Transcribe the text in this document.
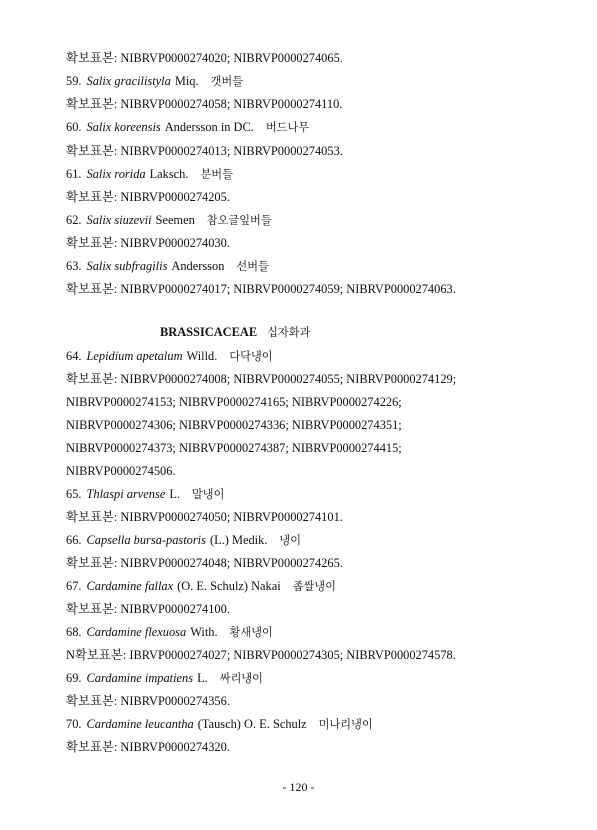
확보표본: NIBRVP0000274020; NIBRVP0000274065.
59. Salix gracilistyla Miq. 갯버들
확보표본: NIBRVP0000274058; NIBRVP0000274110.
60. Salix koreensis Andersson in DC. 버드나무
확보표본: NIBRVP0000274013; NIBRVP0000274053.
61. Salix rorida Laksch. 분버들
확보표본: NIBRVP0000274205.
62. Salix siuzevii Seemen 참오글잎버들
확보표본: NIBRVP0000274030.
63. Salix subfragilis Andersson 선버들
확보표본: NIBRVP0000274017; NIBRVP0000274059; NIBRVP0000274063.
BRASSICACEAE 십자화과
64. Lepidium apetalum Willd. 다닥냉이
확보표본: NIBRVP0000274008; NIBRVP0000274055; NIBRVP0000274129;
NIBRVP0000274153; NIBRVP0000274165; NIBRVP0000274226;
NIBRVP0000274306; NIBRVP0000274336; NIBRVP0000274351;
NIBRVP0000274373; NIBRVP0000274387; NIBRVP0000274415;
NIBRVP0000274506.
65. Thlaspi arvense L. 말냉이
확보표본: NIBRVP0000274050; NIBRVP0000274101.
66. Capsella bursa-pastoris (L.) Medik. 냉이
확보표본: NIBRVP0000274048; NIBRVP0000274265.
67. Cardamine fallax (O. E. Schulz) Nakai 좁쌀냉이
확보표본: NIBRVP0000274100.
68. Cardamine flexuosa With. 황새냉이
N확보표본: IBRVP0000274027; NIBRVP0000274305; NIBRVP0000274578.
69. Cardamine impatiens L. 싸리냉이
확보표본: NIBRVP0000274356.
70. Cardamine leucantha (Tausch) O. E. Schulz 미나리냉이
확보표본: NIBRVP0000274320.
- 120 -
